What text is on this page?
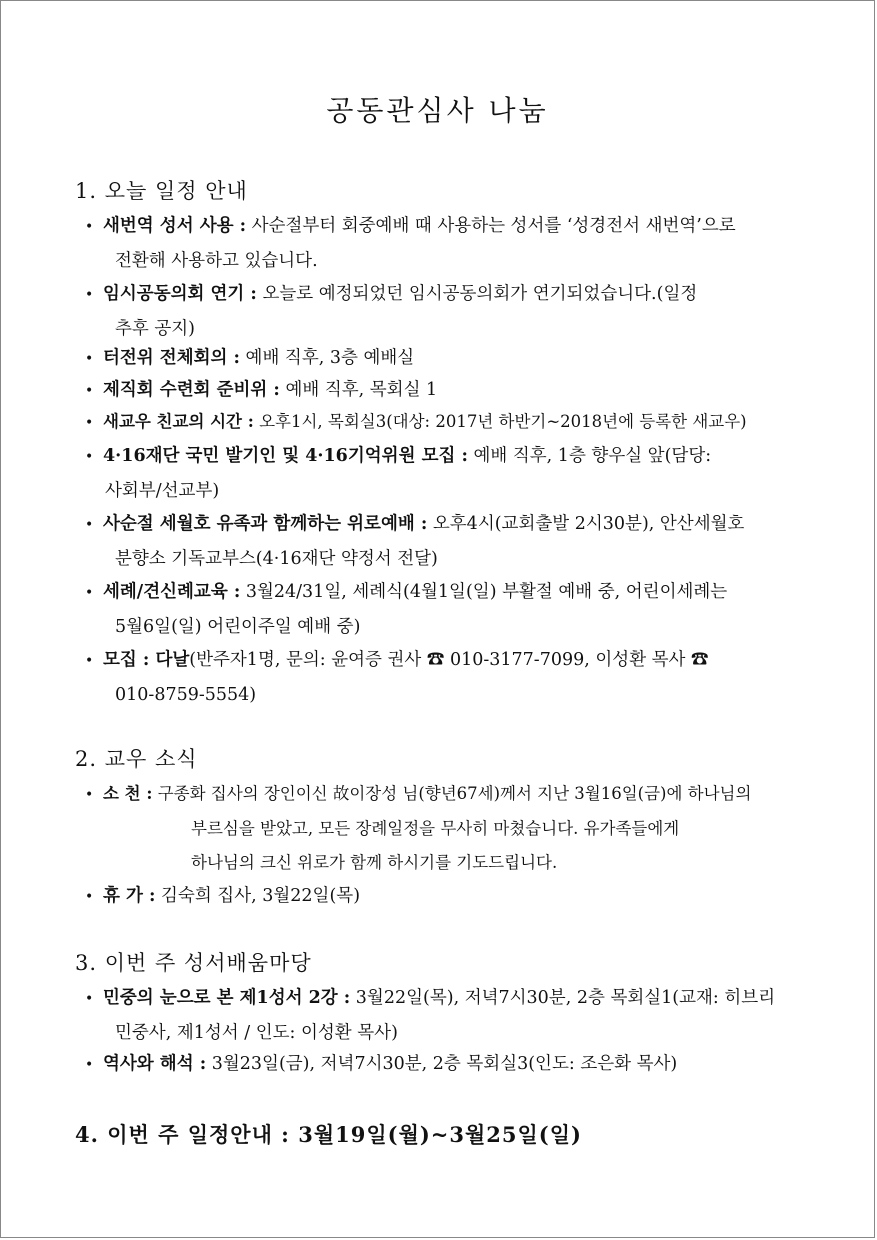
공동관심사 나눔
1. 오늘 일정 안내
• 새번역 성서 사용 : 사순절부터 회중예배 때 사용하는 성서를 ‘성경전서 새번역’으로
전환해 사용하고 있습니다.
• 임시공동의회 연기 : 오늘로 예정되었던 임시공동의회가 연기되었습니다.(일정
추후 공지)
• 터전위 전체회의 : 예배 직후, 3층 예배실
• 제직회 수련회 준비위 : 예배 직후, 목회실 1
• 새교우 친교의 시간 : 오후1시, 목회실3(대상: 2017년 하반기~2018년에 등록한 새교우)
• 4·16재단 국민 발기인 및 4·16기억위원 모집 : 예배 직후, 1층 향우실 앞(담당:
사회부/선교부)
• 사순절 세월호 유족과 함께하는 위로예배 : 오후4시(교회출발 2시30분), 안산세월호
분향소 기독교부스(4·16재단 약정서 전달)
• 세례/견신례교육 : 3월24/31일, 세례식(4월1일(일) 부활절 예배 중, 어린이세례는
5월6일(일) 어린이주일 예배 중)
• 모집 : 다날(반주자1명, 문의: 윤여증 권사 ☎ 010-3177-7099, 이성환 목사 ☎
010-8759-5554)
2. 교우 소식
• 소 천 : 구종화 집사의 장인이신 故이장성 님(향년67세)께서 지난 3월16일(금)에 하나님의
부르심을 받았고, 모든 장례일정을 무사히 마쳤습니다. 유가족들에게
하나님의 크신 위로가 함께 하시기를 기도드립니다.
• 휴 가 : 김숙희 집사, 3월22일(목)
3. 이번 주 성서배움마당
• 민중의 눈으로 본 제1성서 2강 : 3월22일(목), 저녁7시30분, 2층 목회실1(교재: 히브리
민중사, 제1성서 / 인도: 이성환 목사)
• 역사와 해석 : 3월23일(금), 저녁7시30분, 2층 목회실3(인도: 조은화 목사)
4. 이번 주 일정안내 : 3월19일(월)~3월25일(일)
